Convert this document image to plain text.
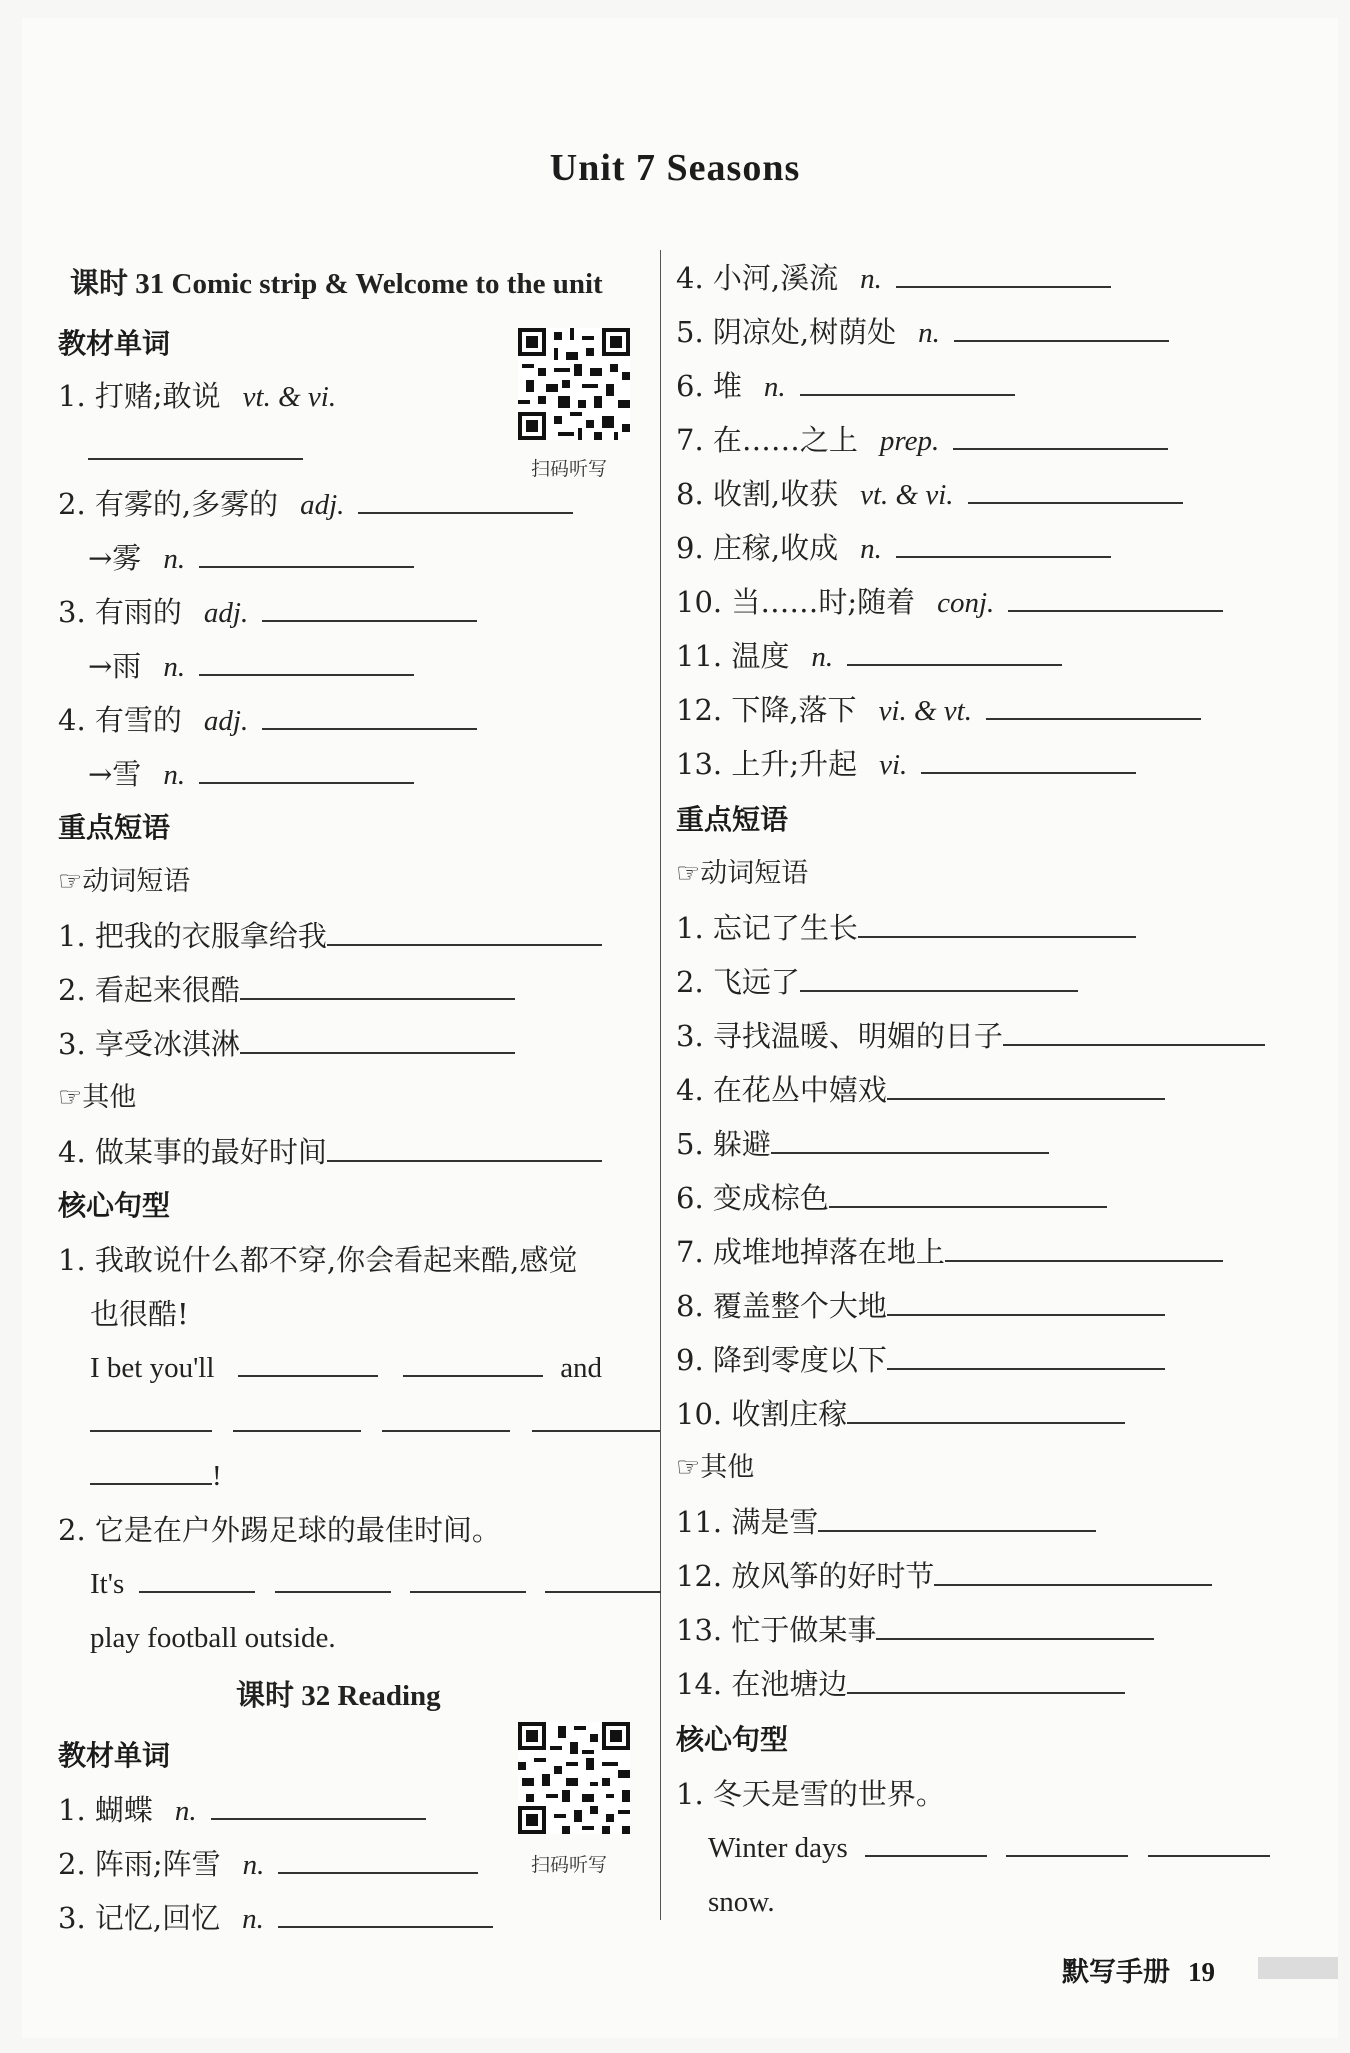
Unit 7 Seasons
课时 31 Comic strip & Welcome to the unit
教材单词
1. 打赌;敢说 vt. & vi.
扫码听写
2. 有雾的,多雾的 adj.
→雾 n.
3. 有雨的 adj.
→雨 n.
4. 有雪的 adj.
→雪 n.
重点短语
☞动词短语
1. 把我的衣服拿给我
2. 看起来很酷
3. 享受冰淇淋
☞其他
4. 做某事的最好时间
核心句型
1. 我敢说什么都不穿,你会看起来酷,感觉
也很酷!
I bet you'll	and

!
2. 它是在户外踢足球的最佳时间。
It's
play football outside.
课时 32 Reading
教材单词
扫码听写
1. 蝴蝶 n.
2. 阵雨;阵雪 n.
3. 记忆,回忆 n.
4. 小河,溪流 n.
5. 阴凉处,树荫处 n.
6. 堆 n.
7. 在……之上 prep.
8. 收割,收获 vt. & vi.
9. 庄稼,收成 n.
10. 当……时;随着 conj.
11. 温度 n.
12. 下降,落下 vi. & vt.
13. 上升;升起 vi.
重点短语
☞动词短语
1. 忘记了生长
2. 飞远了
3. 寻找温暖、明媚的日子
4. 在花丛中嬉戏
5. 躲避
6. 变成棕色
7. 成堆地掉落在地上
8. 覆盖整个大地
9. 降到零度以下
10. 收割庄稼
☞其他
11. 满是雪
12. 放风筝的好时节
13. 忙于做某事
14. 在池塘边
核心句型
1. 冬天是雪的世界。
Winter days
snow.
默写手册 19
